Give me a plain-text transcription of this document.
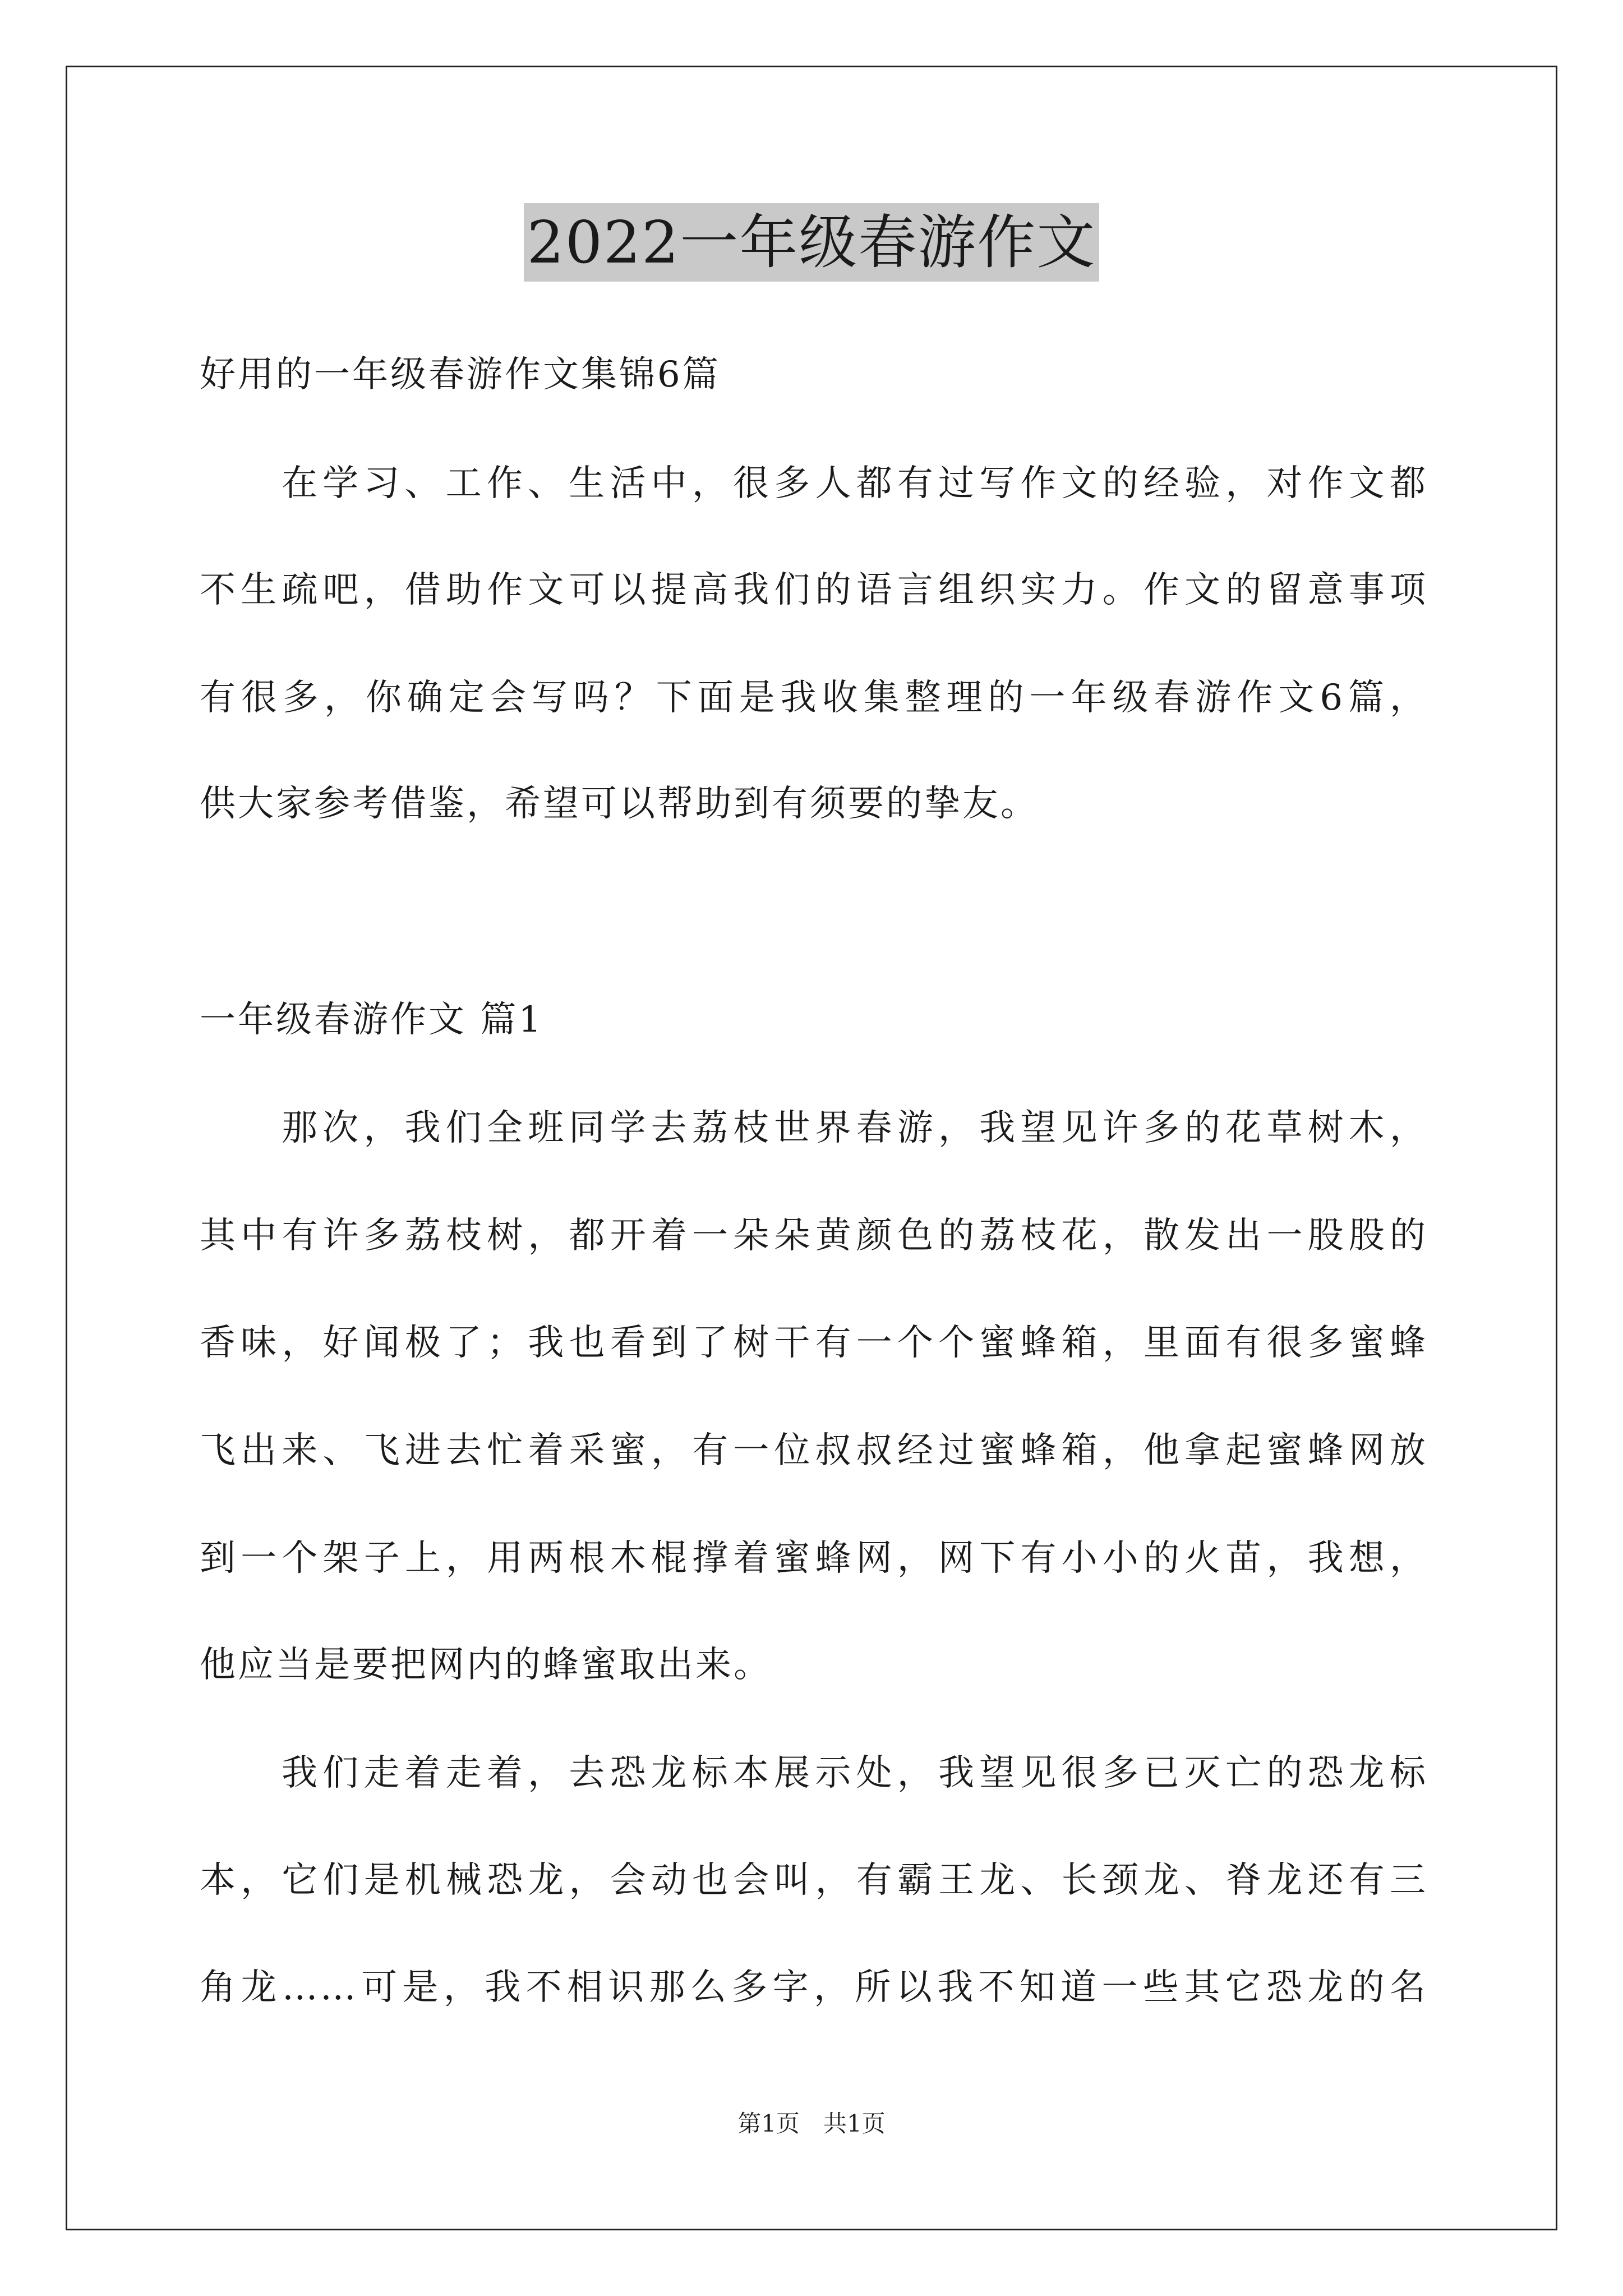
2022一年级春游作文
好用的一年级春游作文集锦6篇
在学习、工作、生活中，很多人都有过写作文的经验，对作文都
不生疏吧，借助作文可以提高我们的语言组织实力。作文的留意事项
有很多，你确定会写吗？下面是我收集整理的一年级春游作文6篇，
供大家参考借鉴，希望可以帮助到有须要的挚友。
一年级春游作文 篇1
那次，我们全班同学去荔枝世界春游，我望见许多的花草树木，
其中有许多荔枝树，都开着一朵朵黄颜色的荔枝花，散发出一股股的
香味，好闻极了；我也看到了树干有一个个蜜蜂箱，里面有很多蜜蜂
飞出来、飞进去忙着采蜜，有一位叔叔经过蜜蜂箱，他拿起蜜蜂网放
到一个架子上，用两根木棍撑着蜜蜂网，网下有小小的火苗，我想，
他应当是要把网内的蜂蜜取出来。
我们走着走着，去恐龙标本展示处，我望见很多已灭亡的恐龙标
本，它们是机械恐龙，会动也会叫，有霸王龙、长颈龙、脊龙还有三
角龙……可是，我不相识那么多字，所以我不知道一些其它恐龙的名
第1页　共1页
